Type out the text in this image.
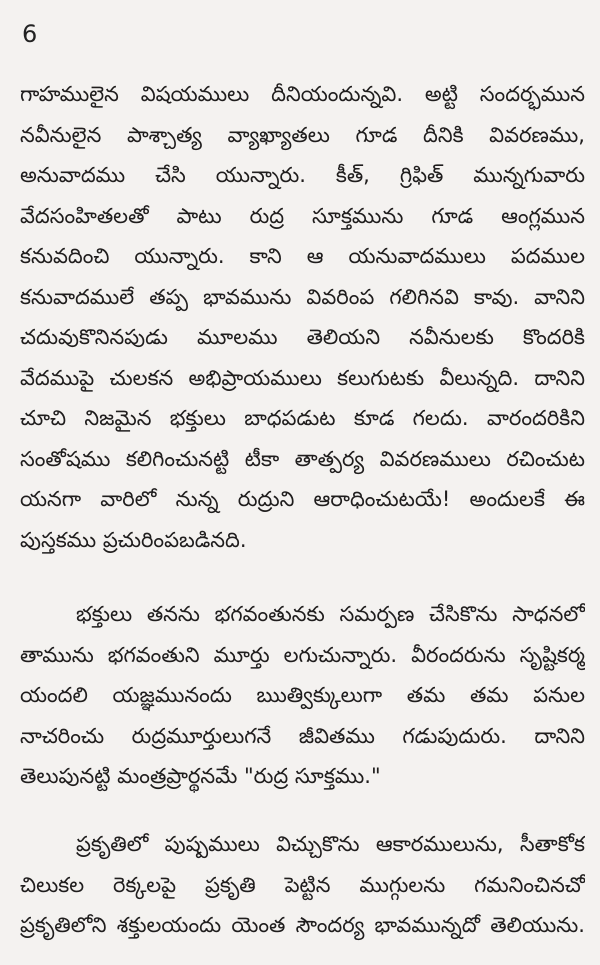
6
గాహములైన విషయములు దీనియందున్నవి. అట్టి సందర్భమున
నవీనులైన పాశ్చాత్య వ్యాఖ్యాతలు గూడ దీనికి వివరణము,
అనువాదము చేసి యున్నారు. కీత్, గ్రిఫిత్ మున్నగువారు
వేదసంహితలతో పాటు రుద్ర సూక్తమును గూడ ఆంగ్లమున
కనువదించి యున్నారు. కాని ఆ యనువాదములు పదముల
కనువాదములే తప్ప భావమును వివరింప గలిగినవి కావు. వానిని
చదువుకొనినపుడు మూలము తెలియని నవీనులకు కొందరికి
వేదముపై చులకన అభిప్రాయములు కలుగుటకు వీలున్నది. దానిని
చూచి నిజమైన భక్తులు బాధపడుట కూడ గలదు. వారందరికిని
సంతోషము కలిగించునట్టి టీకా తాత్పర్య వివరణములు రచించుట
యనగా వారిలో నున్న రుద్రుని ఆరాధించుటయే! అందులకే ఈ
పుస్తకము ప్రచురింపబడినది.
భక్తులు తనను భగవంతునకు సమర్పణ చేసికొను సాధనలో
తామును భగవంతుని మూర్తు లగుచున్నారు. వీరందరును సృష్టికర్మ
యందలి యజ్ఞమునందు ఋత్విక్కులుగా తమ తమ పనుల
నాచరించు రుద్రమూర్తులుగనే జీవితము గడుపుదురు. దానిని
తెలుపునట్టి మంత్రప్రార్థనమే "రుద్ర సూక్తము."
ప్రకృతిలో పుష్పములు విచ్చుకొను ఆకారములును, సీతాకోక
చిలుకల రెక్కలపై ప్రకృతి పెట్టిన ముగ్గులను గమనించినచో
ప్రకృతిలోని శక్తులయందు యెంత సౌందర్య భావమున్నదో తెలియును.
